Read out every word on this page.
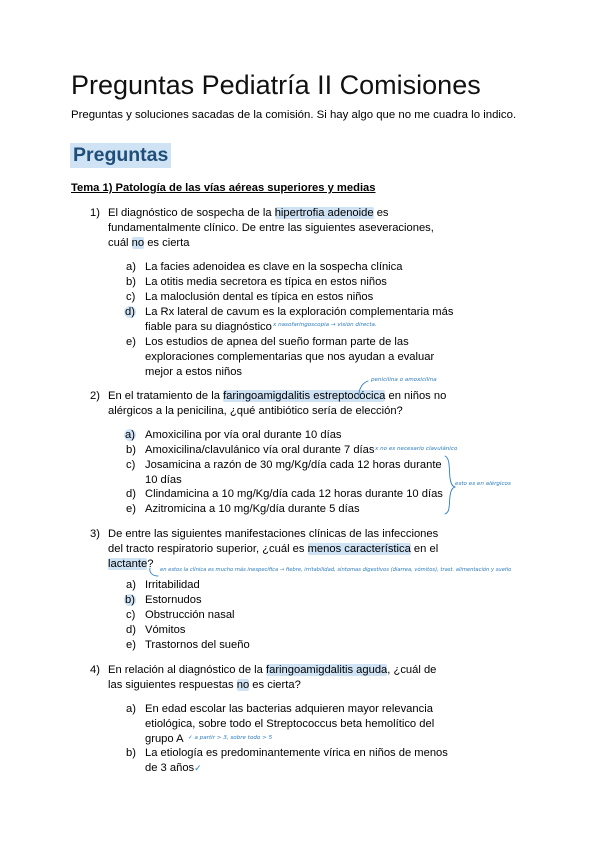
Preguntas Pediatría II Comisiones
Preguntas y soluciones sacadas de la comisión. Si hay algo que no me cuadra lo indico.
Preguntas
Tema 1) Patología de las vías aéreas superiores y medias
1) El diagnóstico de sospecha de la hipertrofia adenoide es
fundamentalmente clínico. De entre las siguientes aseveraciones,
cuál no es cierta
a) La facies adenoidea es clave en la sospecha clínica
b) La otitis media secretora es típica en estos niños
c) La maloclusión dental es típica en estos niños
d) La Rx lateral de cavum es la exploración complementaria más
fiable para su diagnóstico x nasofaringoscopia → visión directa.
e) Los estudios de apnea del sueño forman parte de las
exploraciones complementarias que nos ayudan a evaluar
mejor a estos niños
penicilina o amoxicilina
2) En el tratamiento de la faringoamigdalitis estreptocócica en niños no
alérgicos a la penicilina, ¿qué antibiótico sería de elección?
a) Amoxicilina por vía oral durante 10 días
b) Amoxicilina/clavulánico vía oral durante 7 días x no es necesario clavulánico
c) Josamicina a razón de 30 mg/Kg/día cada 12 horas durante
10 días
d) Clindamicina a 10 mg/Kg/día cada 12 horas durante 10 días
e) Azitromicina a 10 mg/Kg/día durante 5 días
esto es en alérgicos
3) De entre las siguientes manifestaciones clínicas de las infecciones
del tracto respiratorio superior, ¿cuál es menos característica en el
lactante? en estos la clínica es mucho más inespecífica → fiebre, irritabilidad, síntomas digestivos (diarrea, vómitos), trast. alimentación y sueño
a) Irritabilidad
b) Estornudos
c) Obstrucción nasal
d) Vómitos
e) Trastornos del sueño
4) En relación al diagnóstico de la faringoamigdalitis aguda, ¿cuál de
las siguientes respuestas no es cierta?
a) En edad escolar las bacterias adquieren mayor relevancia
etiológica, sobre todo el Streptococcus beta hemolítico del
grupo A ✓ a partir > 3, sobre todo > 5
b) La etiología es predominantemente vírica en niños de menos
de 3 años✓
